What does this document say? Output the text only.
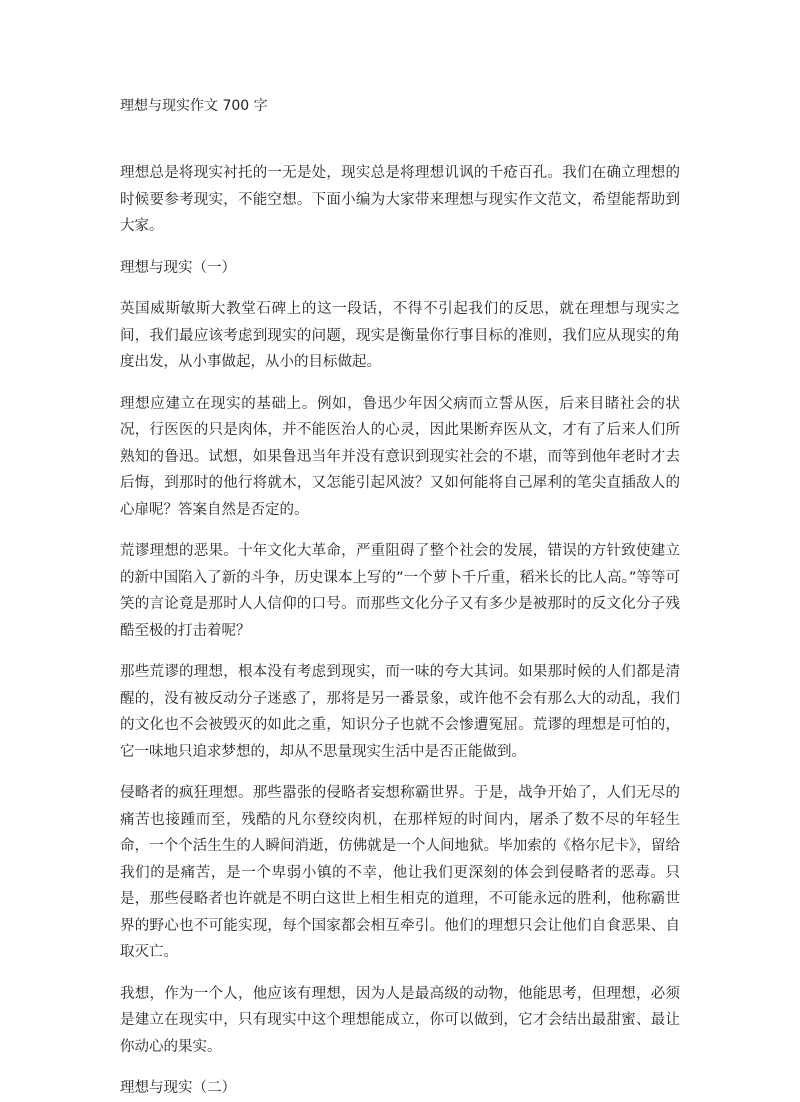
理想与现实作文 700 字

理想总是将现实衬托的一无是处，现实总是将理想讥讽的千疮百孔。我们在确立理想的时候要参考现实，不能空想。下面小编为大家带来理想与现实作文范文，希望能帮助到大家。

理想与现实（一）

英国威斯敏斯大教堂石碑上的这一段话，不得不引起我们的反思，就在理想与现实之间，我们最应该考虑到现实的问题，现实是衡量你行事目标的准则，我们应从现实的角度出发，从小事做起，从小的目标做起。

理想应建立在现实的基础上。例如，鲁迅少年因父病而立誓从医，后来目睹社会的状况，行医医的只是肉体，并不能医治人的心灵，因此果断弃医从文，才有了后来人们所熟知的鲁迅。试想，如果鲁迅当年并没有意识到现实社会的不堪，而等到他年老时才去后悔，到那时的他行将就木，又怎能引起风波？又如何能将自己犀利的笔尖直插敌人的心扉呢？答案自然是否定的。

荒谬理想的恶果。十年文化大革命，严重阻碍了整个社会的发展，错误的方针致使建立的新中国陷入了新的斗争，历史课本上写的”一个萝卜千斤重，稻米长的比人高。”等等可笑的言论竟是那时人人信仰的口号。而那些文化分子又有多少是被那时的反文化分子残酷至极的打击着呢？

那些荒谬的理想，根本没有考虑到现实，而一味的夸大其词。如果那时候的人们都是清醒的，没有被反动分子迷惑了，那将是另一番景象，或许他不会有那么大的动乱，我们的文化也不会被毁灭的如此之重，知识分子也就不会惨遭冤屈。荒谬的理想是可怕的，它一味地只追求梦想的，却从不思量现实生活中是否正能做到。

侵略者的疯狂理想。那些嚣张的侵略者妄想称霸世界。于是，战争开始了，人们无尽的痛苦也接踵而至，残酷的凡尔登绞肉机，在那样短的时间内，屠杀了数不尽的年轻生命，一个个活生生的人瞬间消逝，仿佛就是一个人间地狱。毕加索的《格尔尼卡》，留给我们的是痛苦，是一个卑弱小镇的不幸，他让我们更深刻的体会到侵略者的恶毒。只是，那些侵略者也许就是不明白这世上相生相克的道理，不可能永远的胜利，他称霸世界的野心也不可能实现，每个国家都会相互牵引。他们的理想只会让他们自食恶果、自取灭亡。

我想，作为一个人，他应该有理想，因为人是最高级的动物，他能思考，但理想，必须是建立在现实中，只有现实中这个理想能成立，你可以做到，它才会结出最甜蜜、最让你动心的果实。

理想与现实（二）
